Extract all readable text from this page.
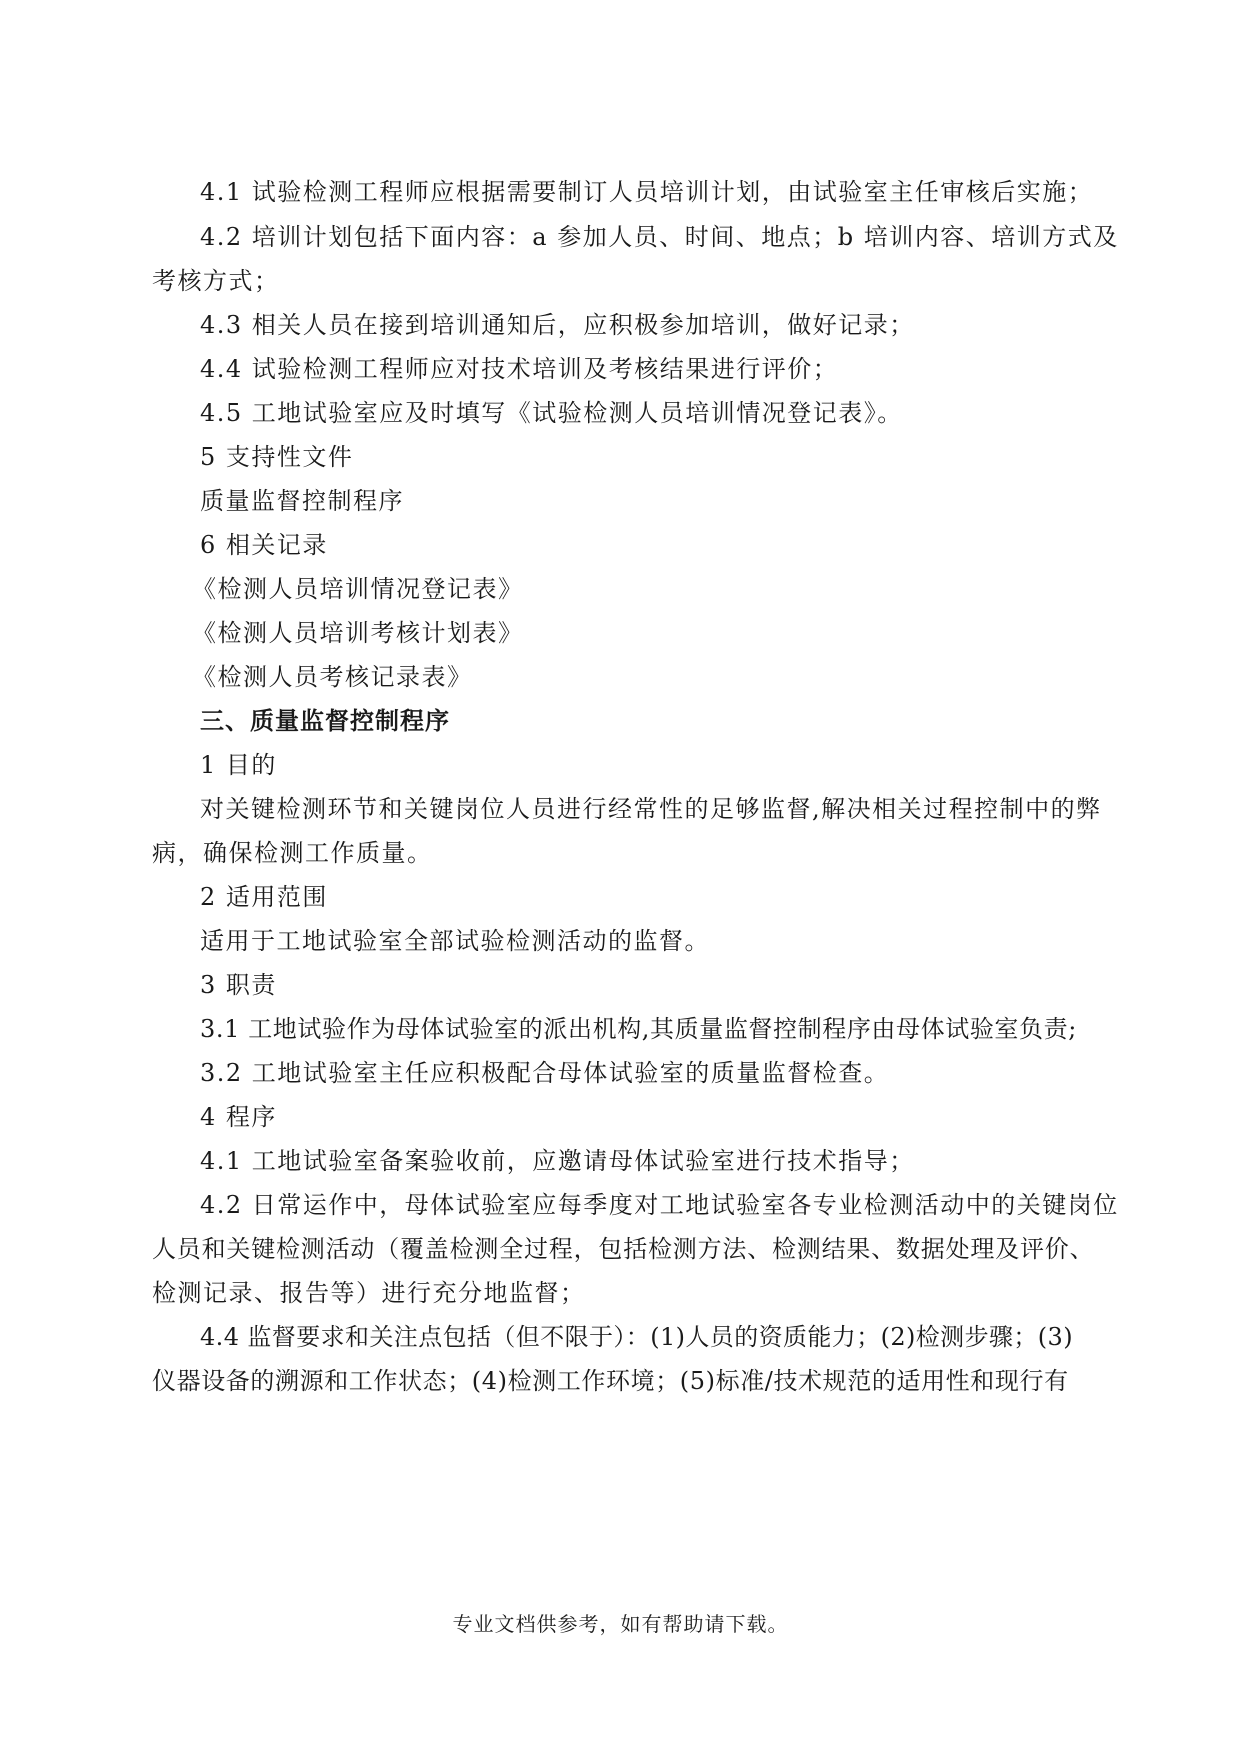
4.1 试验检测工程师应根据需要制订人员培训计划，由试验室主任审核后实施；
4.2 培训计划包括下面内容：a 参加人员、时间、地点；b 培训内容、培训方式及
考核方式；
4.3 相关人员在接到培训通知后，应积极参加培训，做好记录；
4.4 试验检测工程师应对技术培训及考核结果进行评价；
4.5 工地试验室应及时填写《试验检测人员培训情况登记表》。
5 支持性文件
质量监督控制程序
6 相关记录
《检测人员培训情况登记表》
《检测人员培训考核计划表》
《检测人员考核记录表》
三、质量监督控制程序
1 目的
对关键检测环节和关键岗位人员进行经常性的足够监督,解决相关过程控制中的弊
病，确保检测工作质量。
2 适用范围
适用于工地试验室全部试验检测活动的监督。
3 职责
3.1 工地试验作为母体试验室的派出机构,其质量监督控制程序由母体试验室负责;
3.2 工地试验室主任应积极配合母体试验室的质量监督检查。
4 程序
4.1 工地试验室备案验收前，应邀请母体试验室进行技术指导；
4.2 日常运作中，母体试验室应每季度对工地试验室各专业检测活动中的关键岗位
人员和关键检测活动（覆盖检测全过程，包括检测方法、检测结果、数据处理及评价、
检测记录、报告等）进行充分地监督；
4.4 监督要求和关注点包括（但不限于）：(1)人员的资质能力；(2)检测步骤；(3)
仪器设备的溯源和工作状态；(4)检测工作环境；(5)标准/技术规范的适用性和现行有
专业文档供参考，如有帮助请下载。
